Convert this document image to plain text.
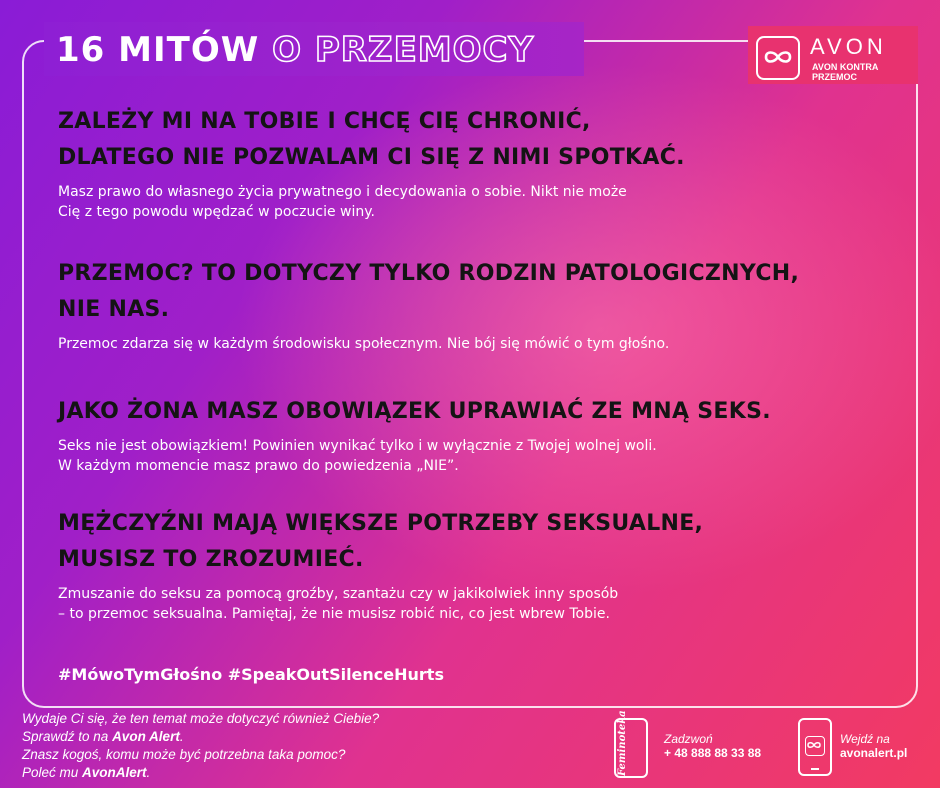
16 MITÓW O PRZEMOCY	AVON
AVON KONTRA PRZEMOC
ZALEŻY MI NA TOBIE I CHCĘ CIĘ CHRONIĆ,
DLATEGO NIE POZWALAM CI SIĘ Z NIMI SPOTKAĆ.

Masz prawo do własnego życia prywatnego i decydowania o sobie. Nikt nie może
Cię z tego powodu wpędzać w poczucie winy.

PRZEMOC? TO DOTYCZY TYLKO RODZIN PATOLOGICZNYCH,
NIE NAS.

Przemoc zdarza się w każdym środowisku społecznym. Nie bój się mówić o tym głośno.

JAKO ŻONA MASZ OBOWIĄZEK UPRAWIAĆ ZE MNĄ SEKS.

Seks nie jest obowiązkiem! Powinien wynikać tylko i w wyłącznie z Twojej wolnej woli.
W każdym momencie masz prawo do powiedzenia „NIE”.

MĘŻCZYŹNI MAJĄ WIĘKSZE POTRZEBY SEKSUALNE,
MUSISZ TO ZROZUMIEĆ.

Zmuszanie do seksu za pomocą groźby, szantażu czy w jakikolwiek inny sposób
– to przemoc seksualna. Pamiętaj, że nie musisz robić nic, co jest wbrew Tobie.

#MówoTymGłośno #SpeakOutSilenceHurts
Wydaje Ci się, że ten temat może dotyczyć również Ciebie?
Sprawdź to na Avon Alert.
Znasz kogoś, komu może być potrzebna taka pomoc?
Poleć mu AvonAlert.	Feminoteka	Zadzwoń
+ 48 888 88 33 88
Wejdź na
avonalert.pl
